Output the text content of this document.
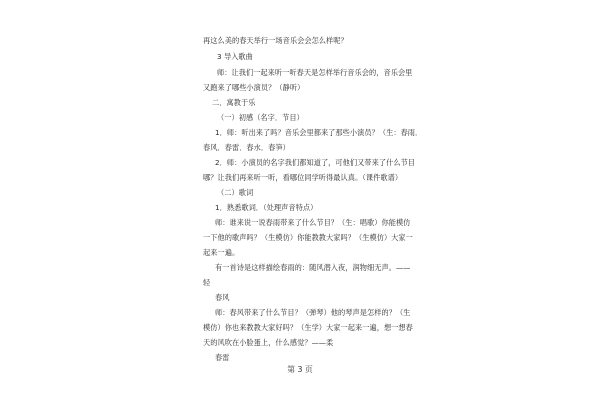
再这么美的春天举行一场音乐会会怎么样呢？
3 导入歌曲
师：让我们一起来听一听春天是怎样举行音乐会的，音乐会里
又跑来了哪些小演员？（静听）
二．寓教于乐
（一）初感（名字．节目）
1．师：听出来了吗？音乐会里都来了那些小演员？（生：春雨．
春风．春雷．春水．春笋）
2．师：小演员的名字我们都知道了，可他们又带来了什么节目
哪？让我们再来听一听，看哪位同学听得最认真。（课件歌谱）
（二）歌词
1．熟悉歌词．（处理声音特点）
师：谁来说一说春雨带来了什么节目？（生：唱歌）你能模仿
一下他的歌声吗？（生模仿）你能教教大家吗？（生模仿）大家一
起来一遍。
有一首诗是这样描绘春雨的：随风潜入夜，润物细无声。——
轻
春风
师：春风带来了什么节目？（弹琴）他的琴声是怎样的？（生
模仿）你也来教教大家好吗？（生学）大家一起来一遍，想一想春
天的风吹在小脸蛋上，什么感觉？——柔
春雷
第 3 页
